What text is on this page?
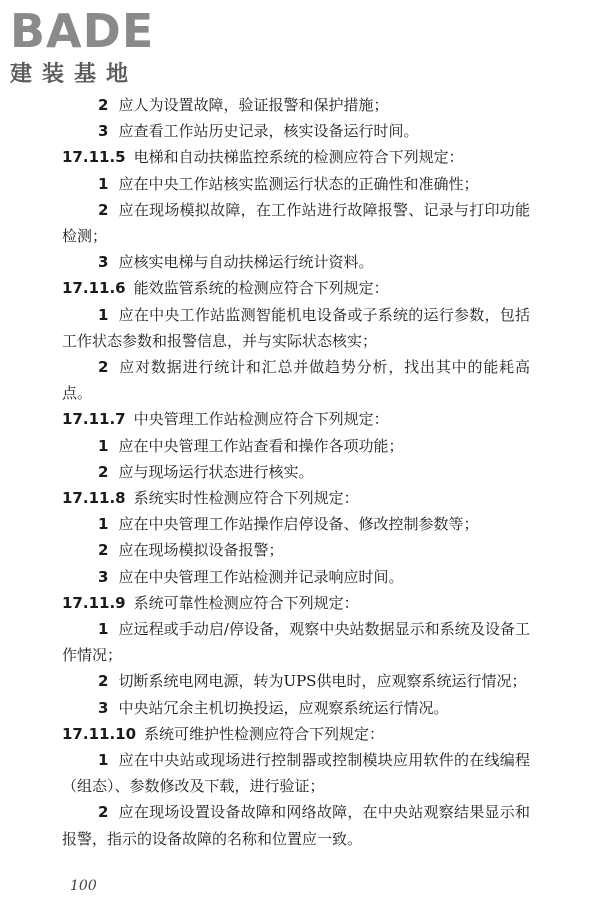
BADE
建装基地

2 应人为设置故障，验证报警和保护措施；

3 应查看工作站历史记录，核实设备运行时间。

17.11.5 电梯和自动扶梯监控系统的检测应符合下列规定：

1 应在中央工作站核实监测运行状态的正确性和准确性；

2 应在现场模拟故障，在工作站进行故障报警、记录与打印功能检测；

3 应核实电梯与自动扶梯运行统计资料。

17.11.6 能效监管系统的检测应符合下列规定：

1 应在中央工作站监测智能机电设备或子系统的运行参数，包括工作状态参数和报警信息，并与实际状态核实；

2 应对数据进行统计和汇总并做趋势分析，找出其中的能耗高点。

17.11.7 中央管理工作站检测应符合下列规定：

1 应在中央管理工作站查看和操作各项功能；

2 应与现场运行状态进行核实。

17.11.8 系统实时性检测应符合下列规定：

1 应在中央管理工作站操作启停设备、修改控制参数等；

2 应在现场模拟设备报警；

3 应在中央管理工作站检测并记录响应时间。

17.11.9 系统可靠性检测应符合下列规定：

1 应远程或手动启/停设备，观察中央站数据显示和系统及设备工作情况；

2 切断系统电网电源，转为UPS供电时，应观察系统运行情况；

3 中央站冗余主机切换投运，应观察系统运行情况。

17.11.10 系统可维护性检测应符合下列规定：

1 应在中央站或现场进行控制器或控制模块应用软件的在线编程（组态）、参数修改及下载，进行验证；

2 应在现场设置设备故障和网络故障，在中央站观察结果显示和报警，指示的设备故障的名称和位置应一致。

100
